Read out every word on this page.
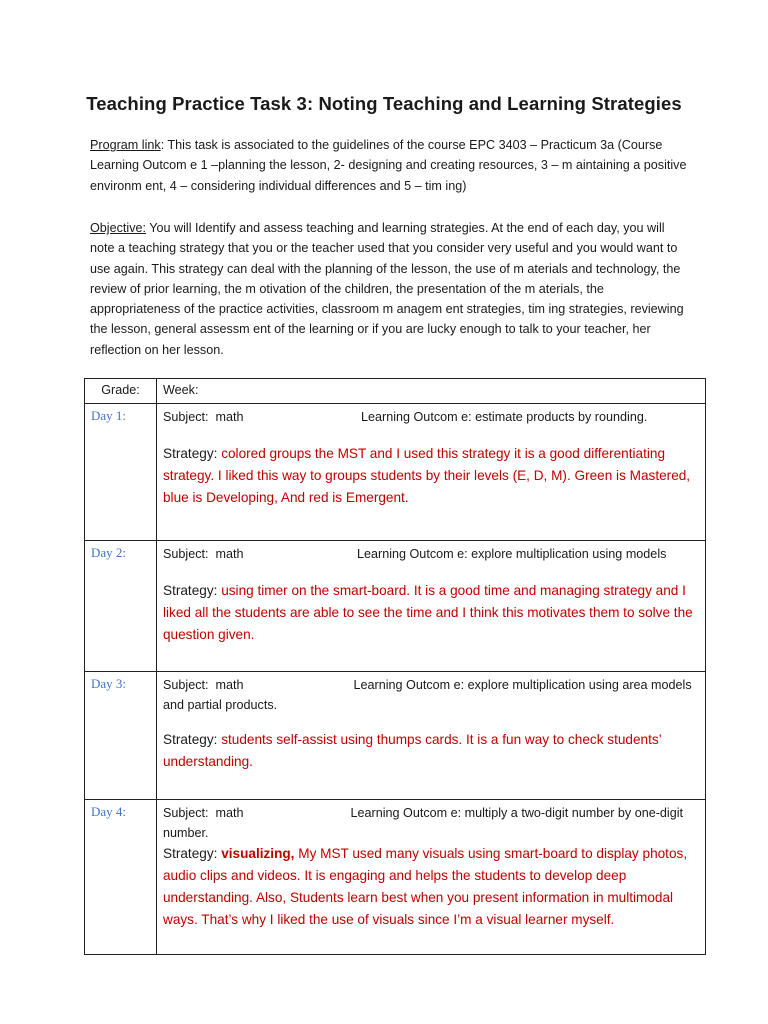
Teaching Practice Task 3: Noting Teaching and Learning Strategies
Program link: This task is associated to the guidelines of the course EPC 3403 – Practicum 3a (Course Learning Outcom e 1 –planning the lesson, 2- designing and creating resources, 3 – m aintaining a positive environm ent, 4 – considering individual differences and 5 – tim ing)
Objective: You will Identify and assess teaching and learning strategies. At the end of each day, you will note a teaching strategy that you or the teacher used that you consider very useful and you would want to use again. This strategy can deal with the planning of the lesson, the use of m aterials and technology, the review of prior learning, the m otivation of the children, the presentation of the m aterials, the appropriateness of the practice activities, classroom m anagem ent strategies, tim ing strategies, reviewing the lesson, general assessm ent of the learning or if you are lucky enough to talk to your teacher, her reflection on her lesson.
Grade:	Week:
Day 1:	Subject: math Learning Outcom e: estimate products by rounding.
Strategy: colored groups the MST and I used this strategy it is a good differentiating strategy. I liked this way to groups students by their levels (E, D, M). Green is Mastered, blue is Developing, And red is Emergent.

Day 2:	Subject: math Learning Outcom e: explore multiplication using models
Strategy: using timer on the smart-board. It is a good time and managing strategy and I liked all the students are able to see the time and I think this motivates them to solve the question given.

Day 3:	Subject: math Learning Outcom e: explore multiplication using area models and partial products.
Strategy: students self-assist using thumps cards. It is a fun way to check students’ understanding.

Day 4:	Subject: math Learning Outcom e: multiply a two-digit number by one-digit number.
Strategy: visualizing, My MST used many visuals using smart-board to display photos, audio clips and videos. It is engaging and helps the students to develop deep understanding. Also, Students learn best when you present information in multimodal ways. That’s why I liked the use of visuals since I’m a visual learner myself.
